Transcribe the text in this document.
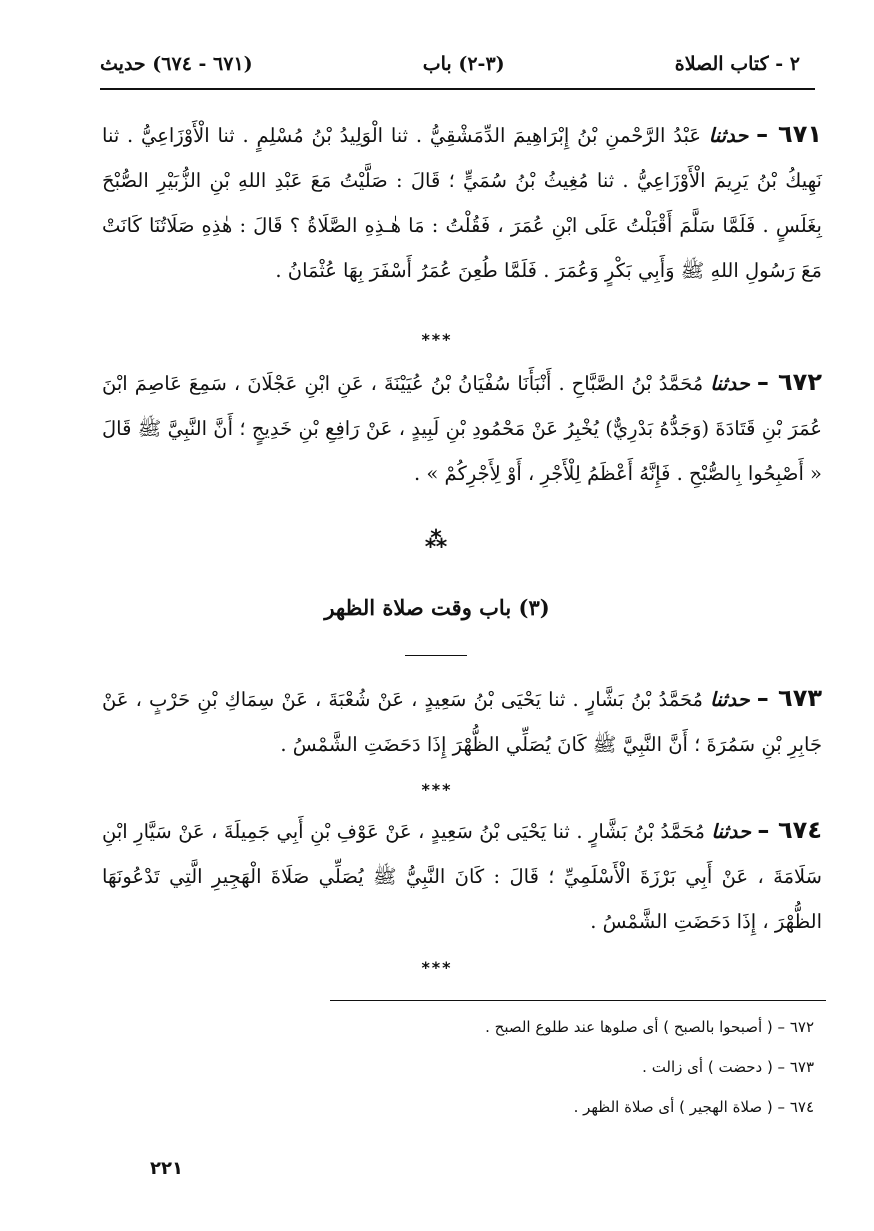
٢ - كتاب الصلاة
(٣-٢) باب
(٦٧١ - ٦٧٤) حديث
٦٧١ – حدثنا عَبْدُ الرَّحْمنِ بْنُ إِبْرَاهِيمَ الدِّمَشْقِيُّ . ثنا الْوَلِيدُ بْنُ مُسْلِمٍ . ثنا الْأَوْزَاعِيُّ . ثنا نَهِيكُ بْنُ يَرِيمَ الْأَوْزَاعِيُّ . ثنا مُغِيثُ بْنُ سُمَيٍّ ؛ قَالَ : صَلَّيْتُ مَعَ عَبْدِ اللهِ بْنِ الزُّبَيْرِ الصُّبْحَ بِغَلَسٍ . فَلَمَّا سَلَّمَ أَقْبَلْتُ عَلَى ابْنِ عُمَرَ ، فَقُلْتُ : مَا هٰـذِهِ الصَّلَاةُ ؟ قَالَ : هٰذِهِ صَلَاتُنَا كَانَتْ مَعَ رَسُولِ اللهِ ﷺ وَأَبِي بَكْرٍ وَعُمَرَ . فَلَمَّا طُعِنَ عُمَرُ أَسْفَرَ بِهَا عُثْمَانُ .
***
٦٧٢ – حدثنا مُحَمَّدُ بْنُ الصَّبَّاحِ . أَنْبَأَنَا سُفْيَانُ بْنُ عُيَيْنَةَ ، عَنِ ابْنِ عَجْلَانَ ، سَمِعَ عَاصِمَ ابْنَ عُمَرَ بْنِ قَتَادَةَ (وَجَدُّهُ بَدْرِيٌّ) يُخْبِرُ عَنْ مَحْمُودِ بْنِ لَبِيدٍ ، عَنْ رَافِعِ بْنِ خَدِيجٍ ؛ أَنَّ النَّبِيَّ ﷺ قَالَ « أَصْبِحُوا بِالصُّبْحِ . فَإِنَّهُ أَعْظَمُ لِلْأَجْرِ ، أَوْ لِأَجْرِكُمْ » .
⁂
(٣) باب وقت صلاة الظهر
٦٧٣ – حدثنا مُحَمَّدُ بْنُ بَشَّارٍ . ثنا يَحْيَى بْنُ سَعِيدٍ ، عَنْ شُعْبَةَ ، عَنْ سِمَاكِ بْنِ حَرْبٍ ، عَنْ جَابِرِ بْنِ سَمُرَةَ ؛ أَنَّ النَّبِيَّ ﷺ كَانَ يُصَلِّي الظُّهْرَ إِذَا دَحَضَتِ الشَّمْسُ .
***
٦٧٤ – حدثنا مُحَمَّدُ بْنُ بَشَّارٍ . ثنا يَحْيَى بْنُ سَعِيدٍ ، عَنْ عَوْفِ بْنِ أَبِي جَمِيلَةَ ، عَنْ سَيَّارِ ابْنِ سَلَامَةَ ، عَنْ أَبِي بَرْزَةَ الْأَسْلَمِيِّ ؛ قَالَ : كَانَ النَّبِيُّ ﷺ يُصَلِّي صَلَاةَ الْهَجِيرِ الَّتِي تَدْعُونَهَا الظُّهْرَ ، إِذَا دَحَضَتِ الشَّمْسُ .
***
٦٧٢ – ( أصبحوا بالصبح ) أى صلوها عند طلوع الصبح .
٦٧٣ – ( دحضت ) أى زالت .
٦٧٤ – ( صلاة الهجير ) أى صلاة الظهر .
٢٢١
